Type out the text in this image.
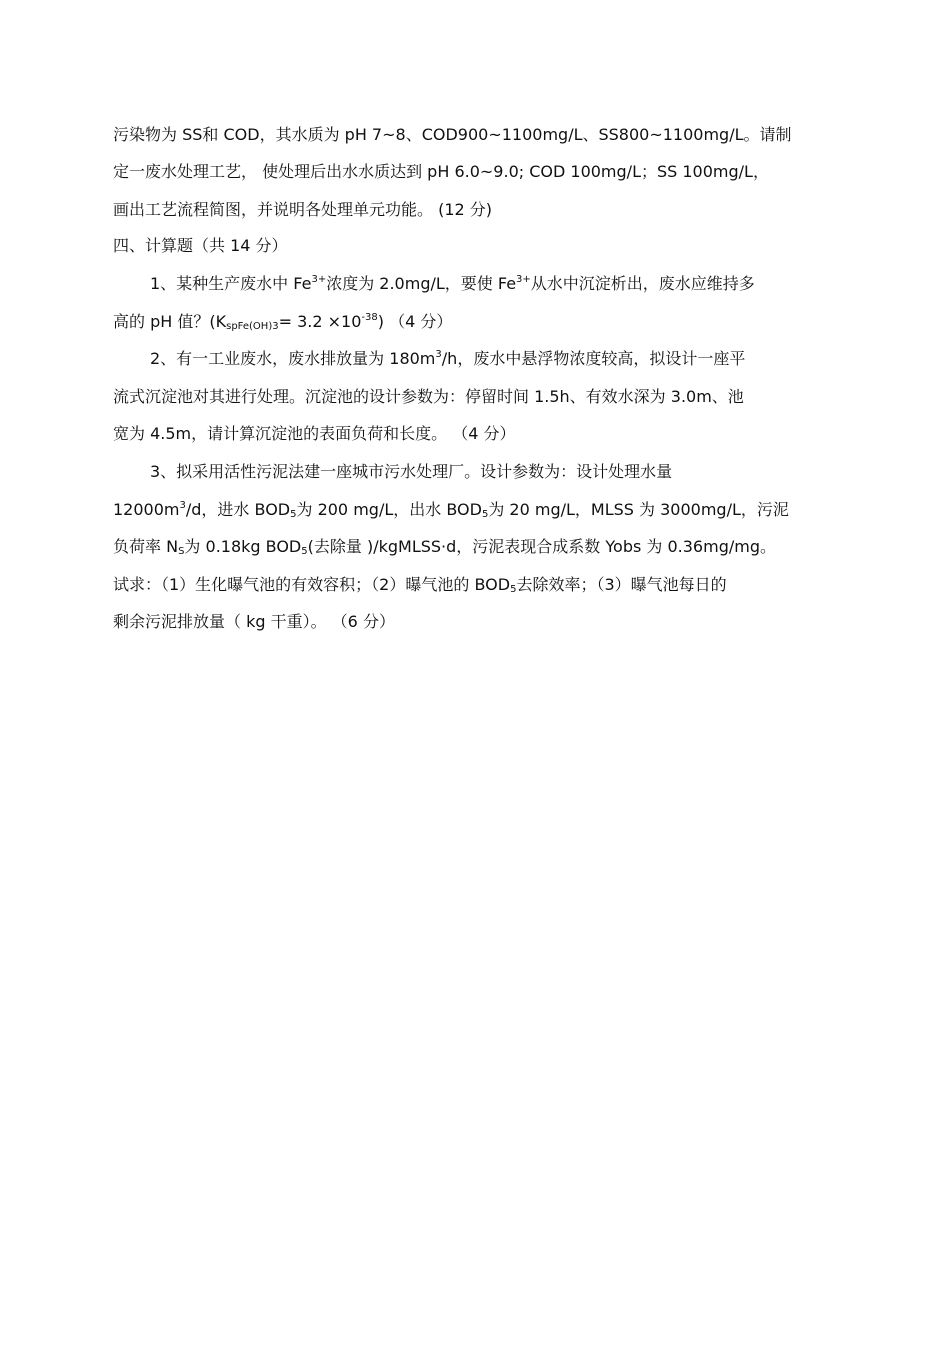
污染物为 SS和 COD，其水质为 pH 7~8、COD900~1100mg/L、SS800~1100mg/L。请制
定一废水处理工艺， 使处理后出水水质达到 pH 6.0~9.0; COD 100mg/L；SS 100mg/L，
画出工艺流程简图，并说明各处理单元功能。 (12 分)
四、计算题（共 14 分）
1、某种生产废水中 $Fe^{3+}$浓度为 2.0mg/L，要使 $Fe^{3+}$从水中沉淀析出，废水应维持多
高的 pH 值？$(K_{spFe(OH)3}= 3.2 \times 10^{-38})$ （4 分）
2、有一工业废水，废水排放量为 $180m^3/h$，废水中悬浮物浓度较高，拟设计一座平
流式沉淀池对其进行处理。沉淀池的设计参数为：停留时间 1.5h、有效水深为 3.0m、池
宽为 4.5m，请计算沉淀池的表面负荷和长度。 （4 分）
3、拟采用活性污泥法建一座城市污水处理厂。设计参数为：设计处理水量
$12000m^3/d$，进水 $BOD_5$为 200 mg/L，出水 $BOD_5$为 20 mg/L，MLSS 为 3000mg/L，污泥
负荷率 $N_S$为 0.18kg $BOD_5$(去除量 )/kgMLSS·d，污泥表现合成系数 Yobs 为 0.36mg/mg。
试求：（1）生化曝气池的有效容积；（2）曝气池的 $BOD_5$去除效率；（3）曝气池每日的
剩余污泥排放量（ kg 干重）。 （6 分）
